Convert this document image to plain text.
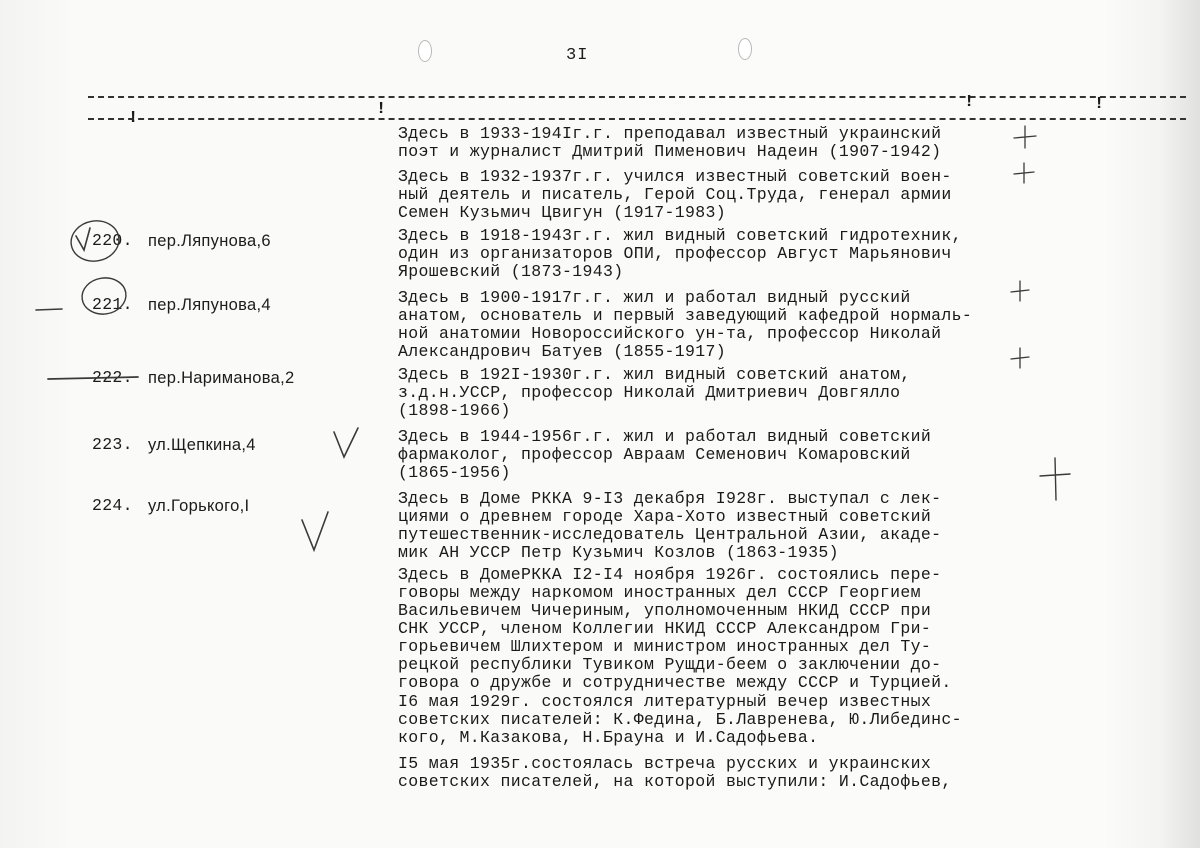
3I
!	!	!	!
Здесь в 1933-194Iг.г. преподавал известный украинский
поэт и журналист Дмитрий Пименович Надеин (1907-1942)
Здесь в 1932-1937г.г. учился известный советский воен-
ный деятель и писатель, Герой Соц.Труда, генерал армии
Семен Кузьмич Цвигун (1917-1983)
220. пер.Ляпунова,6	Здесь в 1918-1943г.г. жил видный советский гидротехник,
один из организаторов ОПИ, профессор Август Марьянович
Ярошевский (1873-1943)
221. пер.Ляпунова,4	Здесь в 1900-1917г.г. жил и работал видный русский
анатом, основатель и первый заведующий кафедрой нормаль-
ной анатомии Новороссийского ун-та, профессор Николай
Александрович Батуев (1855-1917)
222. пер.Нариманова,2	Здесь в 192I-1930г.г. жил видный советский анатом,
з.д.н.УССР, профессор Николай Дмитриевич Довгялло
(1898-1966)
223. ул.Щепкина,4	Здесь в 1944-1956г.г. жил и работал видный советский
фармаколог, профессор Авраам Семенович Комаровский
(1865-1956)
224. ул.Горького,I	Здесь в Доме РККА 9-I3 декабря I928г. выступал с лек-
циями о древнем городе Хара-Хото известный советский
путешественник-исследователь Центральной Азии, акаде-
мик АН УССР Петр Кузьмич Козлов (1863-1935)
Здесь в ДомеРККА I2-I4 ноября 1926г. состоялись пере-
говоры между наркомом иностранных дел СССР Георгием
Васильевичем Чичериным, уполномоченным НКИД СССР при
СНК УССР, членом Коллегии НКИД СССР Александром Гри-
горьевичем Шлихтером и министром иностранных дел Ту-
рецкой республики Тувиком Рущди-беем о заключении до-
говора о дружбе и сотрудничестве между СССР и Турцией.
I6 мая 1929г. состоялся литературный вечер известных
советских писателей: К.Федина, Б.Лавренева, Ю.Либединс-
кого, М.Казакова, Н.Брауна и И.Садофьева.
I5 мая 1935г.состоялась встреча русских и украинских
советских писателей, на которой выступили: И.Садофьев,
